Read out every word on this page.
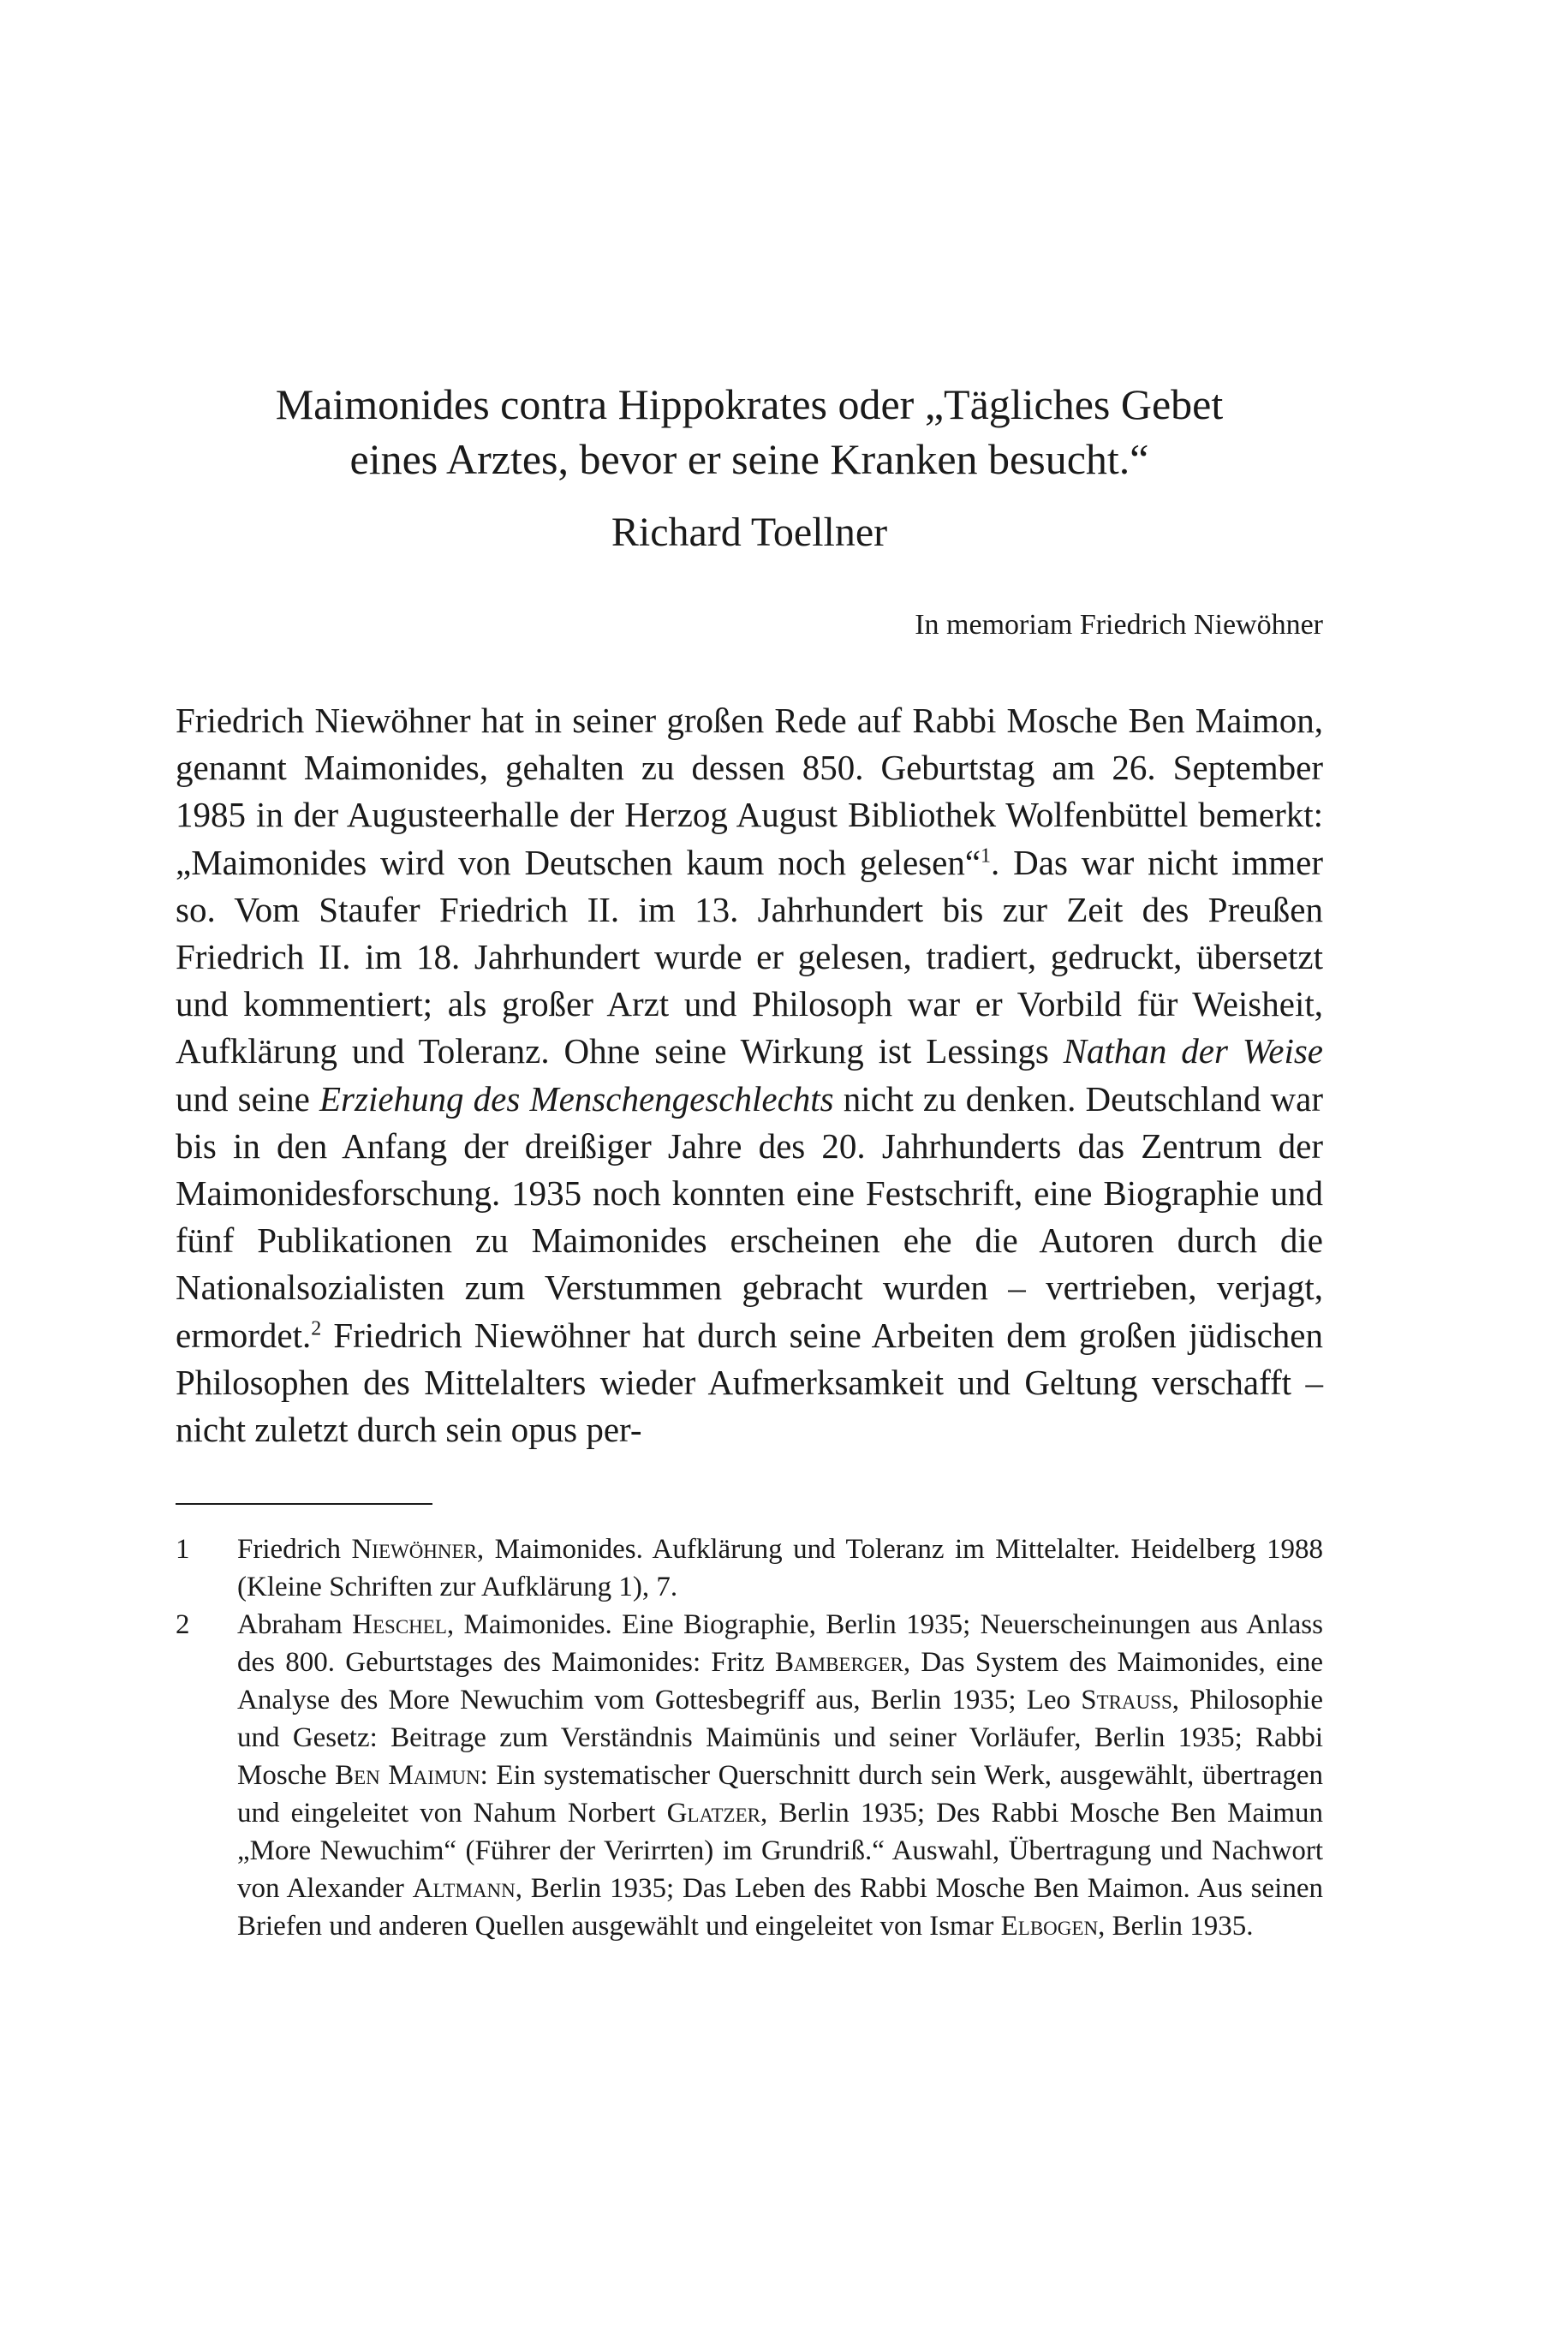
Maimonides contra Hippokrates oder „Tägliches Gebet
eines Arztes, bevor er seine Kranken besucht.“
Richard Toellner
In memoriam Friedrich Niewöhner

Friedrich Niewöhner hat in seiner großen Rede auf Rabbi Mosche Ben Maimon, genannt Maimonides, gehalten zu dessen 850. Geburtstag am 26. September 1985 in der Augusteerhalle der Herzog August Bibliothek Wolfenbüttel bemerkt: „Maimonides wird von Deutschen kaum noch gelesen“$^1$. Das war nicht immer so. Vom Staufer Friedrich II. im 13. Jahrhundert bis zur Zeit des Preußen Friedrich II. im 18. Jahrhundert wurde er gelesen, tradiert, gedruckt, übersetzt und kommentiert; als großer Arzt und Philosoph war er Vorbild für Weisheit, Aufklärung und Toleranz. Ohne seine Wirkung ist Lessings Nathan der Weise und seine Erziehung des Menschengeschlechts nicht zu denken. Deutschland war bis in den Anfang der dreißiger Jahre des 20. Jahrhunderts das Zentrum der Maimonidesforschung. 1935 noch konnten eine Festschrift, eine Biographie und fünf Publikationen zu Maimonides erscheinen ehe die Autoren durch die Nationalsozialisten zum Verstummen gebracht wurden – vertrieben, verjagt, ermordet.$^2$ Friedrich Niewöhner hat durch seine Arbeiten dem großen jüdischen Philosophen des Mittelalters wieder Aufmerksamkeit und Geltung verschafft – nicht zuletzt durch sein opus per-

1	Friedrich Niewöhner, Maimonides. Aufklärung und Toleranz im Mittelalter. Heidelberg 1988 (Kleine Schriften zur Aufklärung 1), 7.
2	Abraham Heschel, Maimonides. Eine Biographie, Berlin 1935; Neuerscheinungen aus Anlass des 800. Geburtstages des Maimonides: Fritz Bamberger, Das System des Maimonides, eine Analyse des More Newuchim vom Gottesbegriff aus, Berlin 1935; Leo Strauss, Philosophie und Gesetz: Beitrage zum Verständnis Maimünis und seiner Vorläufer, Berlin 1935; Rabbi Mosche Ben Maimun: Ein systematischer Querschnitt durch sein Werk, ausgewählt, übertragen und eingeleitet von Nahum Norbert Glatzer, Berlin 1935; Des Rabbi Mosche Ben Maimun „More Newuchim“ (Führer der Verirrten) im Grundriß.“ Auswahl, Übertragung und Nachwort von Alexander Altmann, Berlin 1935; Das Leben des Rabbi Mosche Ben Maimon. Aus seinen Briefen und anderen Quellen ausgewählt und eingeleitet von Ismar Elbogen, Berlin 1935.
